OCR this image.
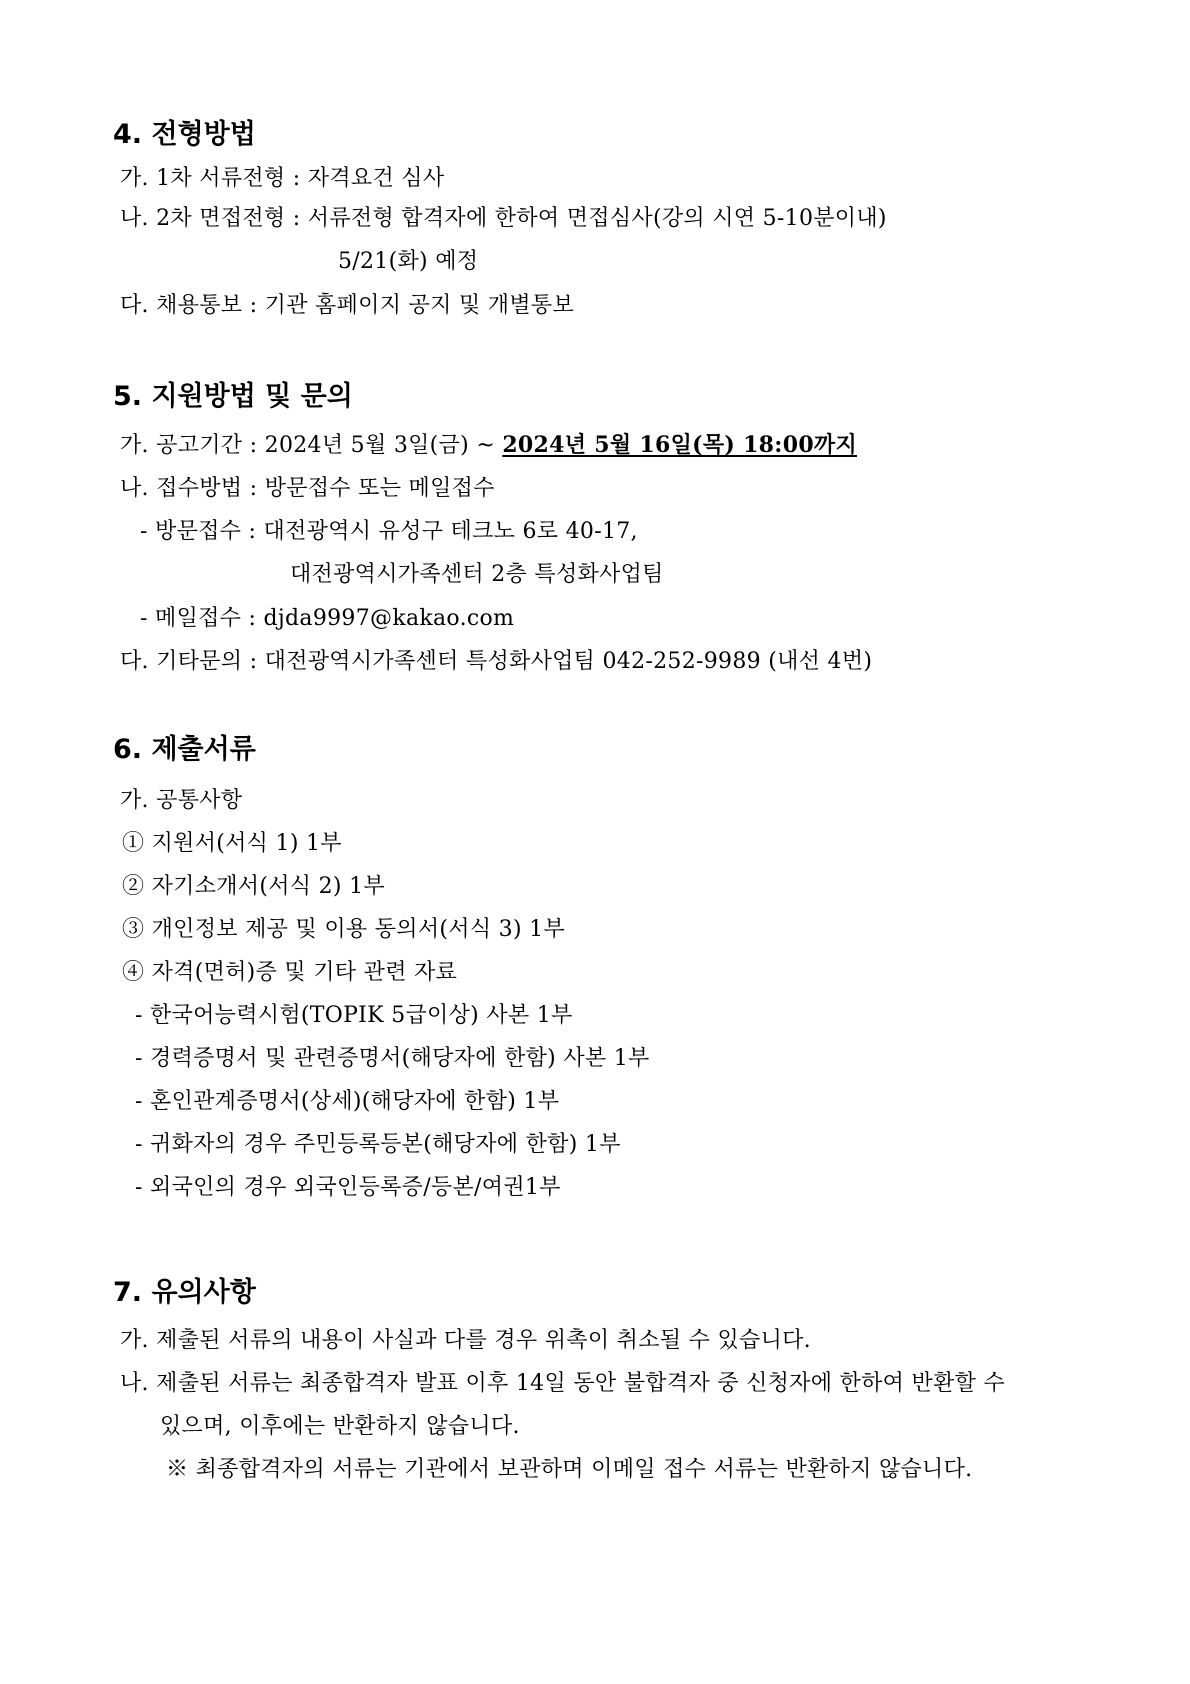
4. 전형방법
가. 1차 서류전형 : 자격요건 심사
나. 2차 면접전형 : 서류전형 합격자에 한하여 면접심사(강의 시연 5-10분이내)
5/21(화) 예정
다. 채용통보 : 기관 홈페이지 공지 및 개별통보
5. 지원방법 및 문의
가. 공고기간 : 2024년 5월 3일(금) ~ 2024년 5월 16일(목) 18:00까지
나. 접수방법 : 방문접수 또는 메일접수
- 방문접수 : 대전광역시 유성구 테크노 6로 40-17,
대전광역시가족센터 2층 특성화사업팀
- 메일접수 : djda9997@kakao.com
다. 기타문의 : 대전광역시가족센터 특성화사업팀 042-252-9989 (내선 4번)
6. 제출서류
가. 공통사항
① 지원서(서식 1) 1부
② 자기소개서(서식 2) 1부
③ 개인정보 제공 및 이용 동의서(서식 3) 1부
④ 자격(면허)증 및 기타 관련 자료
- 한국어능력시험(TOPIK 5급이상) 사본 1부
- 경력증명서 및 관련증명서(해당자에 한함) 사본 1부
- 혼인관계증명서(상세)(해당자에 한함) 1부
- 귀화자의 경우 주민등록등본(해당자에 한함) 1부
- 외국인의 경우 외국인등록증/등본/여권1부
7. 유의사항
가. 제출된 서류의 내용이 사실과 다를 경우 위촉이 취소될 수 있습니다.
나. 제출된 서류는 최종합격자 발표 이후 14일 동안 불합격자 중 신청자에 한하여 반환할 수
있으며, 이후에는 반환하지 않습니다.
※ 최종합격자의 서류는 기관에서 보관하며 이메일 접수 서류는 반환하지 않습니다.
